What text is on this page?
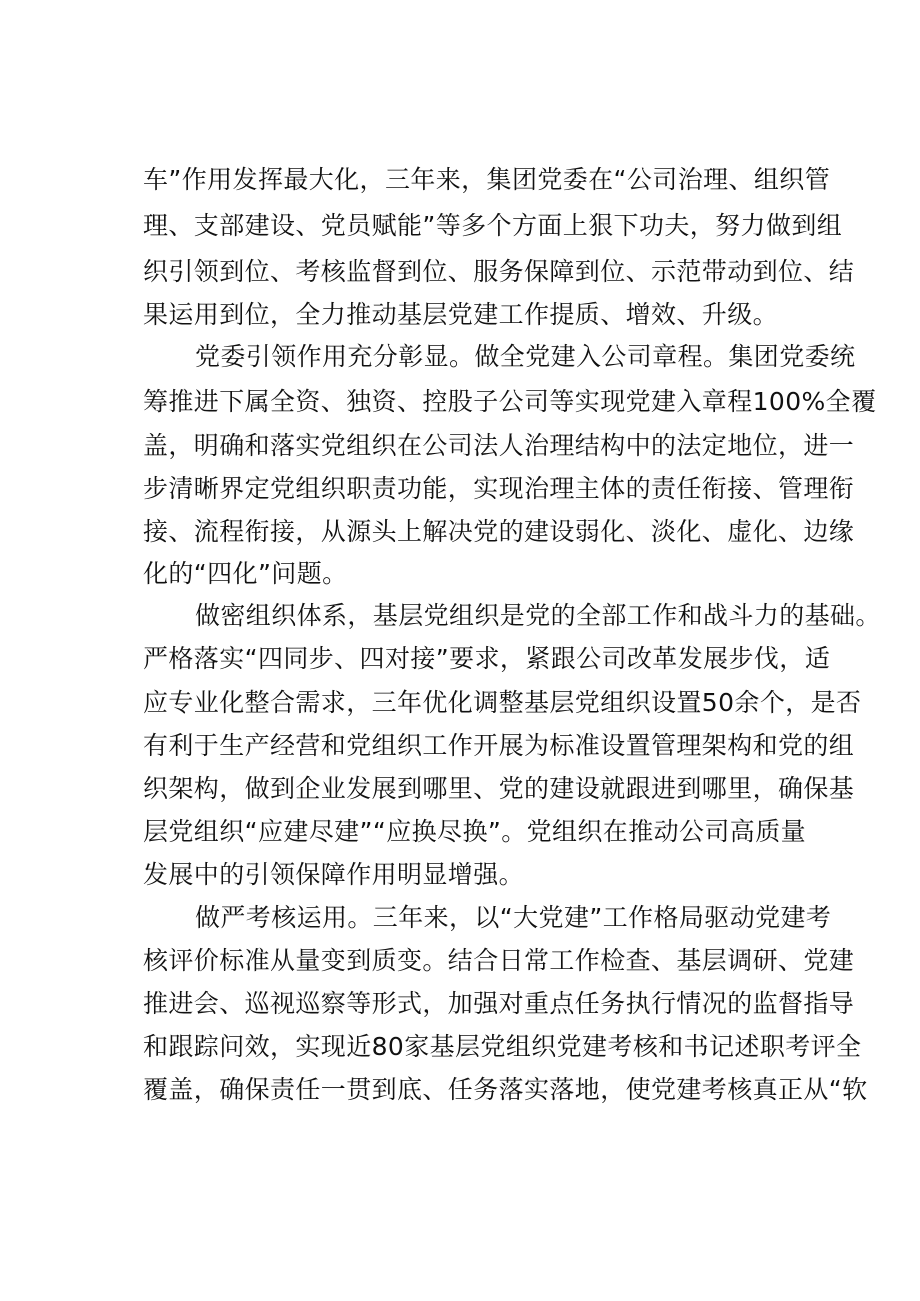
车”作用发挥最大化，三年来，集团党委在“公司治理、组织管
理、支部建设、党员赋能”等多个方面上狠下功夫，努力做到组
织引领到位、考核监督到位、服务保障到位、示范带动到位、结
果运用到位，全力推动基层党建工作提质、增效、升级。
党委引领作用充分彰显。做全党建入公司章程。集团党委统
筹推进下属全资、独资、控股子公司等实现党建入章程100%全覆
盖，明确和落实党组织在公司法人治理结构中的法定地位，进一
步清晰界定党组织职责功能，实现治理主体的责任衔接、管理衔
接、流程衔接，从源头上解决党的建设弱化、淡化、虚化、边缘
化的“四化”问题。
做密组织体系，基层党组织是党的全部工作和战斗力的基础。
严格落实“四同步、四对接”要求，紧跟公司改革发展步伐，适
应专业化整合需求，三年优化调整基层党组织设置50余个，是否
有利于生产经营和党组织工作开展为标准设置管理架构和党的组
织架构，做到企业发展到哪里、党的建设就跟进到哪里，确保基
层党组织“应建尽建”“应换尽换”。党组织在推动公司高质量
发展中的引领保障作用明显增强。
做严考核运用。三年来，以“大党建”工作格局驱动党建考
核评价标准从量变到质变。结合日常工作检查、基层调研、党建
推进会、巡视巡察等形式，加强对重点任务执行情况的监督指导
和跟踪问效，实现近80家基层党组织党建考核和书记述职考评全
覆盖，确保责任一贯到底、任务落实落地，使党建考核真正从“软
